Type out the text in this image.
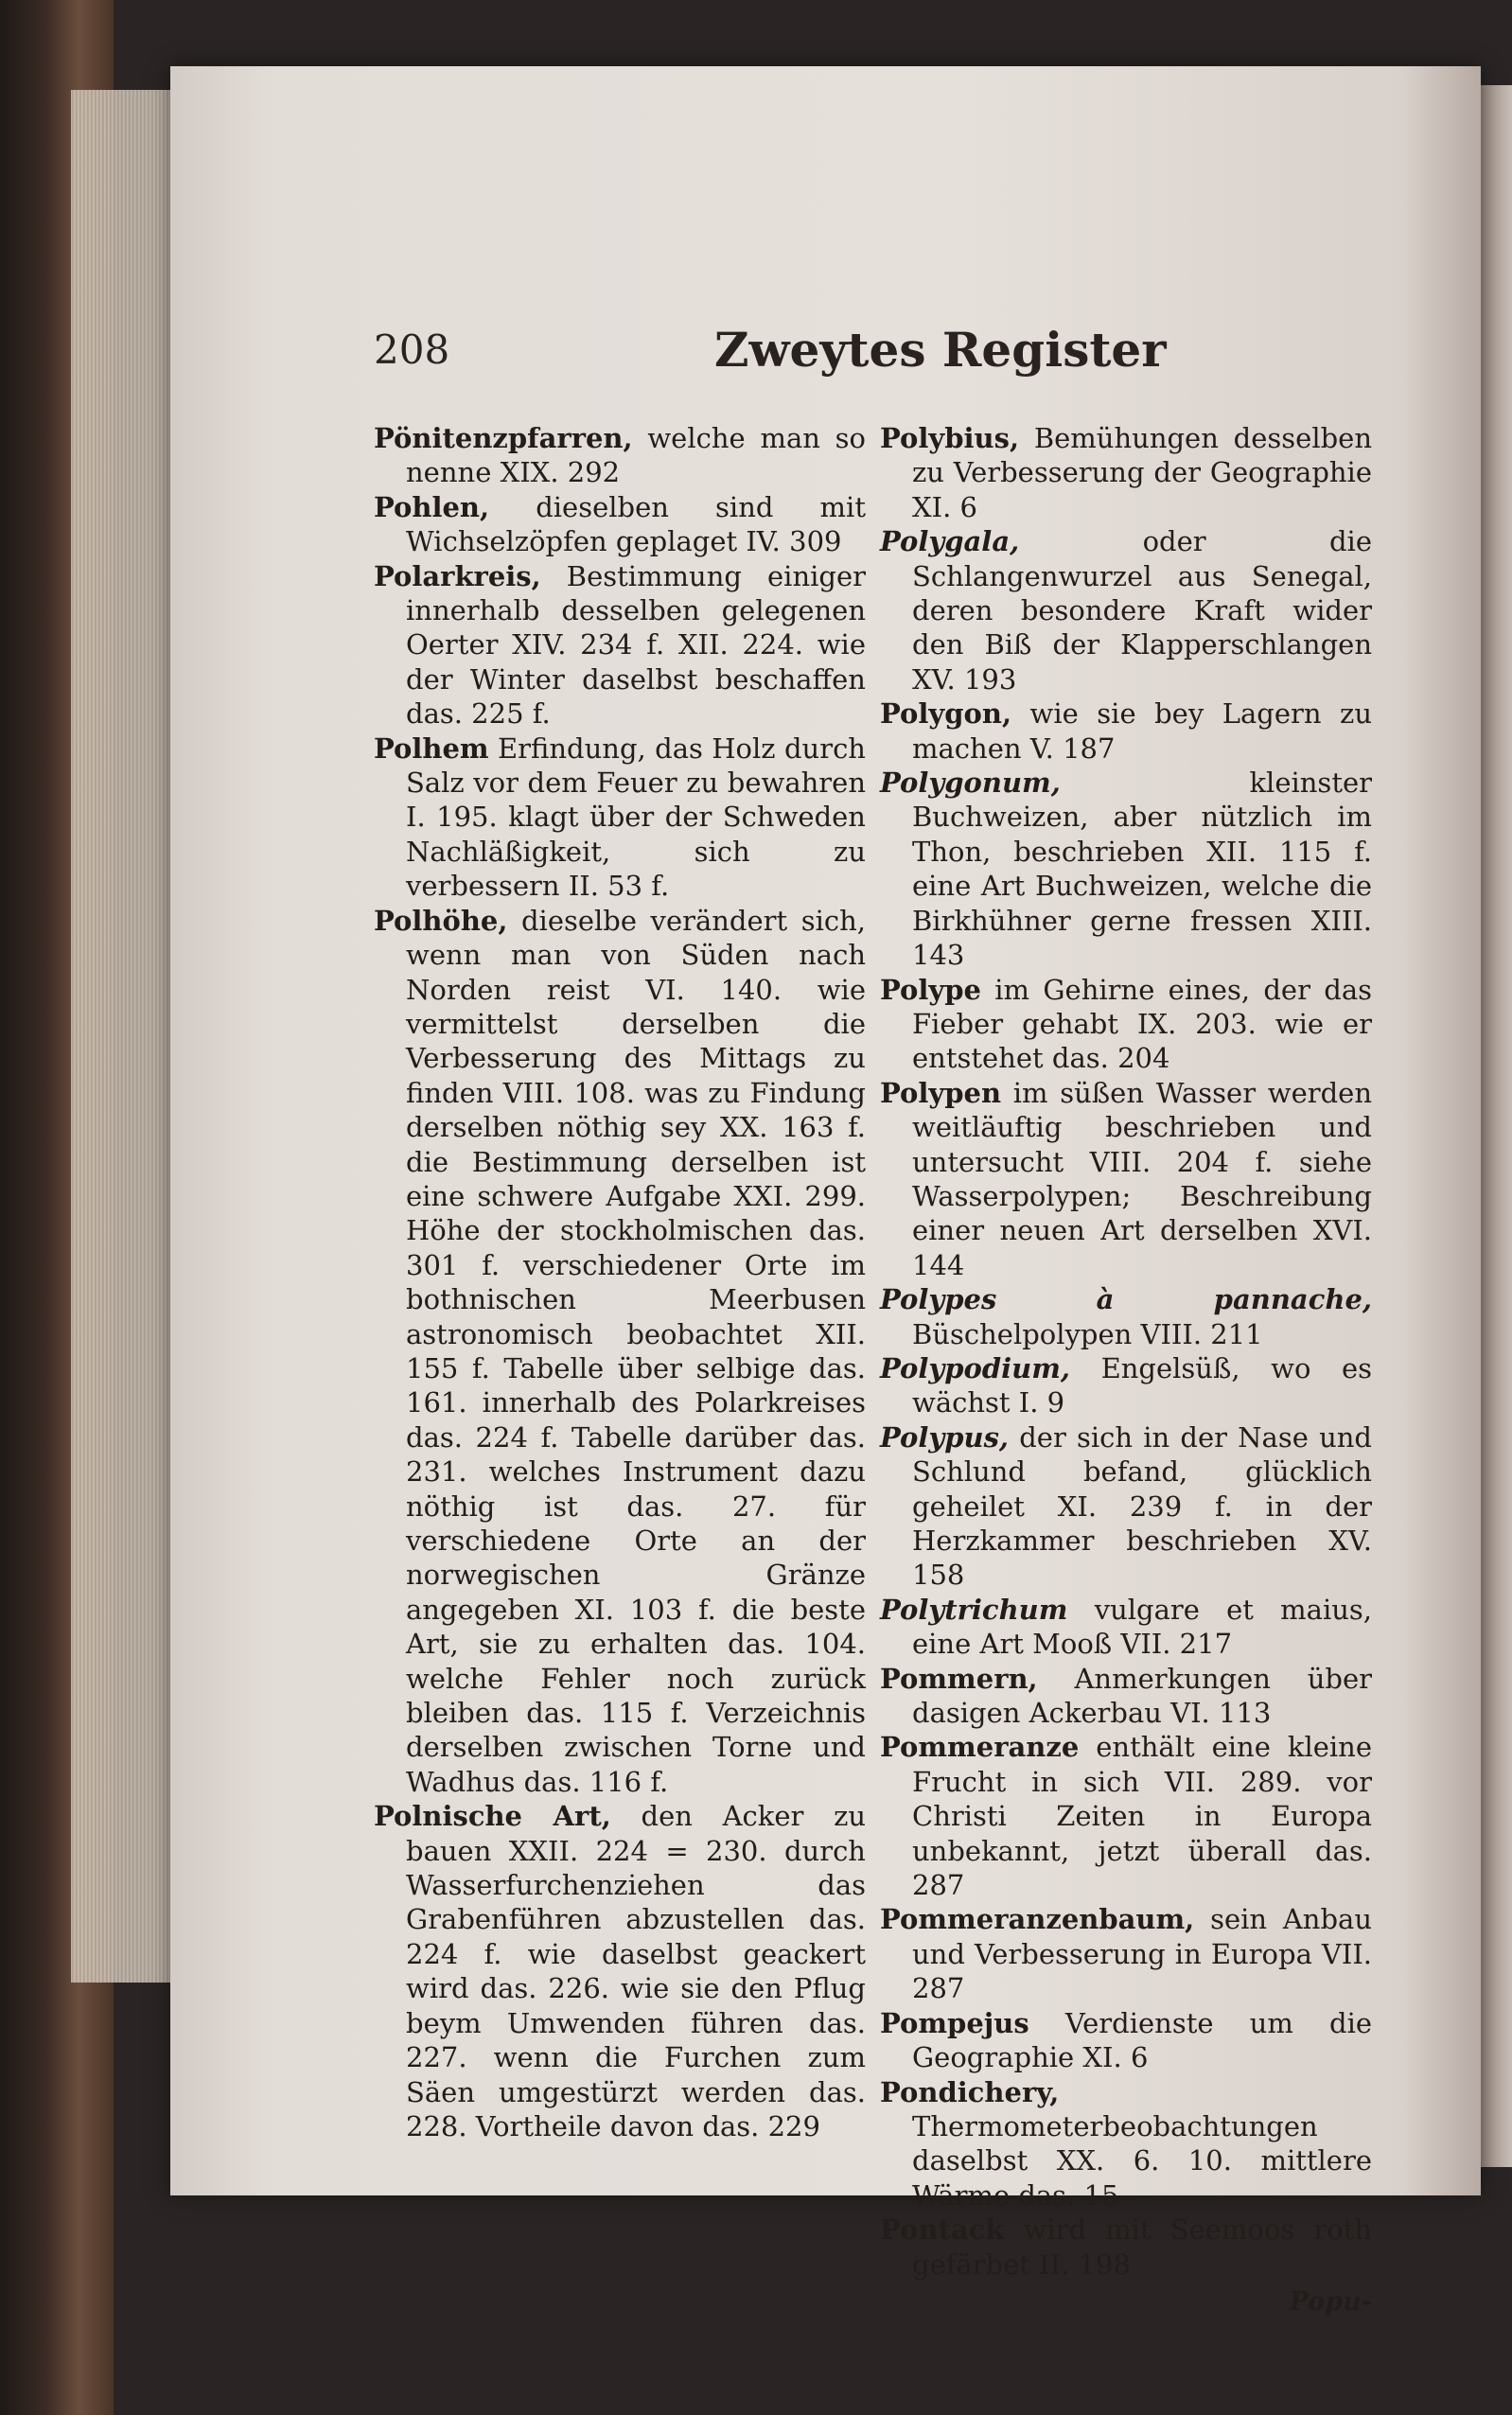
208	Zweytes Register

Pönitenzpfarren, welche man so nenne XIX. 292

Pohlen, dieselben sind mit Wichselzöpfen geplaget IV. 309

Polarkreis, Bestimmung einiger innerhalb desselben gelegenen Oerter XIV. 234 f. XII. 224. wie der Winter daselbst beschaffen das. 225 f.

Polhem Erfindung, das Holz durch Salz vor dem Feuer zu bewahren I. 195. klagt über der Schweden Nachläßigkeit, sich zu verbessern II. 53 f.

Polhöhe, dieselbe verändert sich, wenn man von Süden nach Norden reist VI. 140. wie vermittelst derselben die Verbesserung des Mittags zu finden VIII. 108. was zu Findung derselben nöthig sey XX. 163 f. die Bestimmung derselben ist eine schwere Aufgabe XXI. 299. Höhe der stockholmischen das. 301 f. verschiedener Orte im bothnischen Meerbusen astronomisch beobachtet XII. 155 f. Tabelle über selbige das. 161. innerhalb des Polarkreises das. 224 f. Tabelle darüber das. 231. welches Instrument dazu nöthig ist das. 27. für verschiedene Orte an der norwegischen Gränze angegeben XI. 103 f. die beste Art, sie zu erhalten das. 104. welche Fehler noch zurück bleiben das. 115 f. Verzeichnis derselben zwischen Torne und Wadhus das. 116 f.

Polnische Art, den Acker zu bauen XXII. 224 = 230. durch Wasserfurchenziehen das Grabenführen abzustellen das. 224 f. wie daselbst geackert wird das. 226. wie sie den Pflug beym Umwenden führen das. 227. wenn die Furchen zum Säen umgestürzt werden das. 228. Vortheile davon das. 229

Polybius, Bemühungen desselben zu Verbesserung der Geographie XI. 6

Polygala,	oder die Schlangenwurzel aus Senegal, deren besondere Kraft wider den Biß der Klapperschlangen XV. 193

Polygon, wie sie bey Lagern zu machen V. 187

Polygonum,	kleinster Buchweizen, aber nützlich im Thon, beschrieben XII. 115 f. eine Art Buchweizen, welche die Birkhühner gerne fressen XIII. 143

Polype im Gehirne eines, der das Fieber gehabt IX. 203. wie er entstehet das. 204

Polypen im süßen Wasser werden weitläuftig beschrieben und untersucht VIII. 204 f. siehe Wasserpolypen; Beschreibung einer neuen Art derselben XVI. 144

Polypes à pannache, Büschelpolypen VIII. 211

Polypodium, Engelsüß, wo es wächst I. 9

Polypus, der sich in der Nase und Schlund befand, glücklich geheilet XI. 239 f. in der Herzkammer beschrieben XV. 158

Polytrichum vulgare et maius, eine Art Mooß VII. 217

Pommern, Anmerkungen über dasigen Ackerbau VI. 113

Pommeranze enthält eine kleine Frucht in sich VII. 289. vor Christi Zeiten in Europa unbekannt, jetzt überall das. 287

Pommeranzenbaum, sein Anbau und Verbesserung in Europa VII. 287

Pompejus Verdienste um die Geographie XI. 6

Pondichery, Thermometerbeobachtungen daselbst XX. 6. 10. mittlere Wärme das. 15

Pontack wird mit Seemoos roth gefärbet II. 198

Popu-
